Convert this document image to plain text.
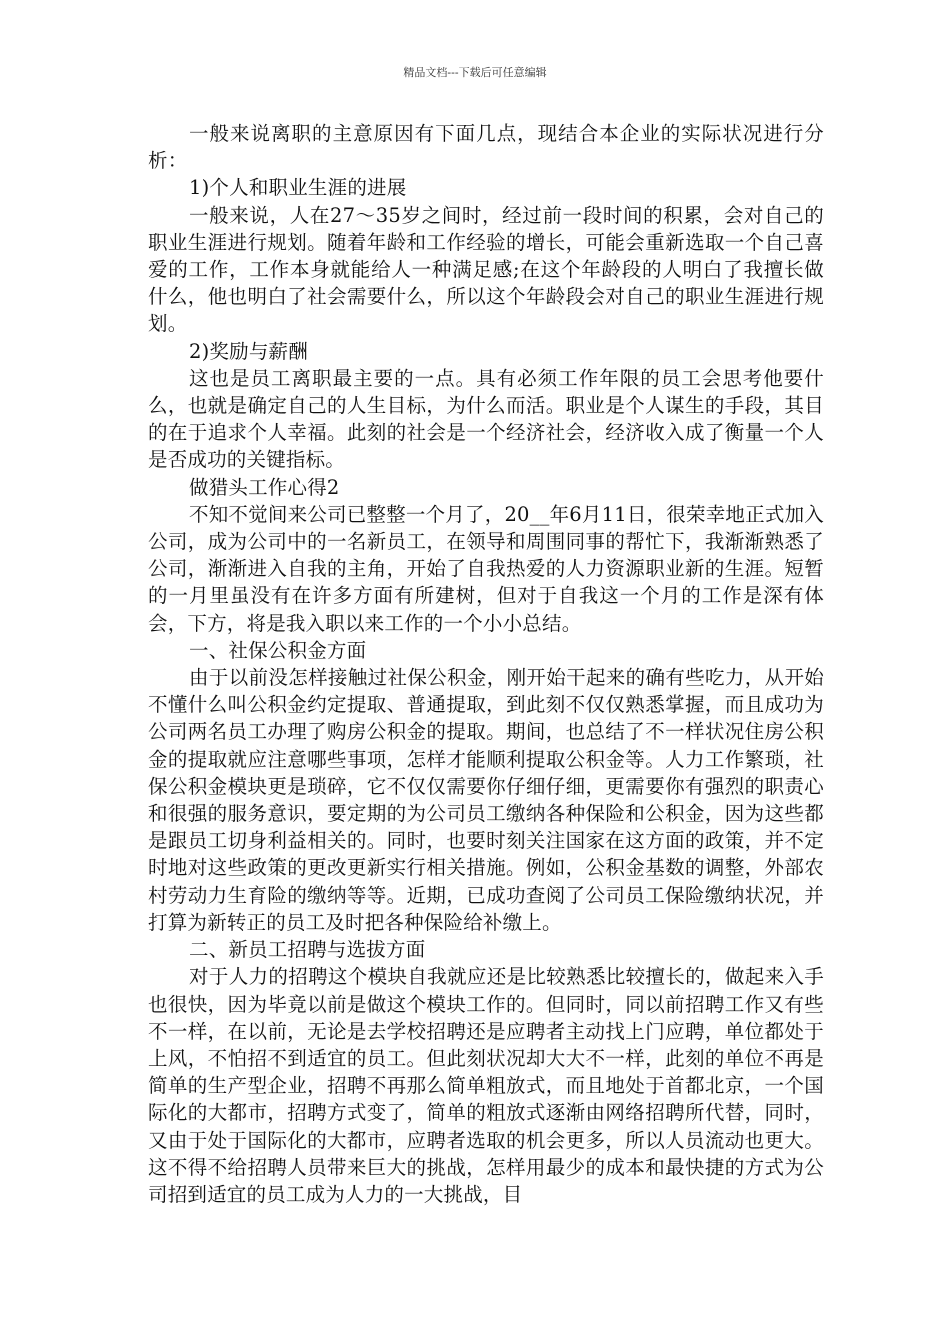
精品文档---下载后可任意编辑

一般来说离职的主意原因有下面几点，现结合本企业的实际状况进行分析：

1)个人和职业生涯的进展

一般来说，人在27～35岁之间时，经过前一段时间的积累，会对自己的职业生涯进行规划。随着年龄和工作经验的增长，可能会重新选取一个自己喜爱的工作，工作本身就能给人一种满足感;在这个年龄段的人明白了我擅长做什么，他也明白了社会需要什么，所以这个年龄段会对自己的职业生涯进行规划。

2)奖励与薪酬

这也是员工离职最主要的一点。具有必须工作年限的员工会思考他要什么，也就是确定自己的人生目标，为什么而活。职业是个人谋生的手段，其目的在于追求个人幸福。此刻的社会是一个经济社会，经济收入成了衡量一个人是否成功的关键指标。

做猎头工作心得2

不知不觉间来公司已整整一个月了，20__年6月11日，很荣幸地正式加入公司，成为公司中的一名新员工，在领导和周围同事的帮忙下，我渐渐熟悉了公司，渐渐进入自我的主角，开始了自我热爱的人力资源职业新的生涯。短暂的一月里虽没有在许多方面有所建树，但对于自我这一个月的工作是深有体会，下方，将是我入职以来工作的一个小小总结。

一、社保公积金方面

由于以前没怎样接触过社保公积金，刚开始干起来的确有些吃力，从开始不懂什么叫公积金约定提取、普通提取，到此刻不仅仅熟悉掌握，而且成功为公司两名员工办理了购房公积金的提取。期间，也总结了不一样状况住房公积金的提取就应注意哪些事项，怎样才能顺利提取公积金等。人力工作繁琐，社保公积金模块更是琐碎，它不仅仅需要你仔细仔细，更需要你有强烈的职责心和很强的服务意识，要定期的为公司员工缴纳各种保险和公积金，因为这些都是跟员工切身利益相关的。同时，也要时刻关注国家在这方面的政策，并不定时地对这些政策的更改更新实行相关措施。例如，公积金基数的调整，外部农村劳动力生育险的缴纳等等。近期，已成功查阅了公司员工保险缴纳状况，并打算为新转正的员工及时把各种保险给补缴上。

二、新员工招聘与选拔方面

对于人力的招聘这个模块自我就应还是比较熟悉比较擅长的，做起来入手也很快，因为毕竟以前是做这个模块工作的。但同时，同以前招聘工作又有些不一样，在以前，无论是去学校招聘还是应聘者主动找上门应聘，单位都处于上风，不怕招不到适宜的员工。但此刻状况却大大不一样，此刻的单位不再是简单的生产型企业，招聘不再那么简单粗放式，而且地处于首都北京，一个国际化的大都市，招聘方式变了，简单的粗放式逐渐由网络招聘所代替，同时，又由于处于国际化的大都市，应聘者选取的机会更多，所以人员流动也更大。这不得不给招聘人员带来巨大的挑战，怎样用最少的成本和最快捷的方式为公司招到适宜的员工成为人力的一大挑战，目
